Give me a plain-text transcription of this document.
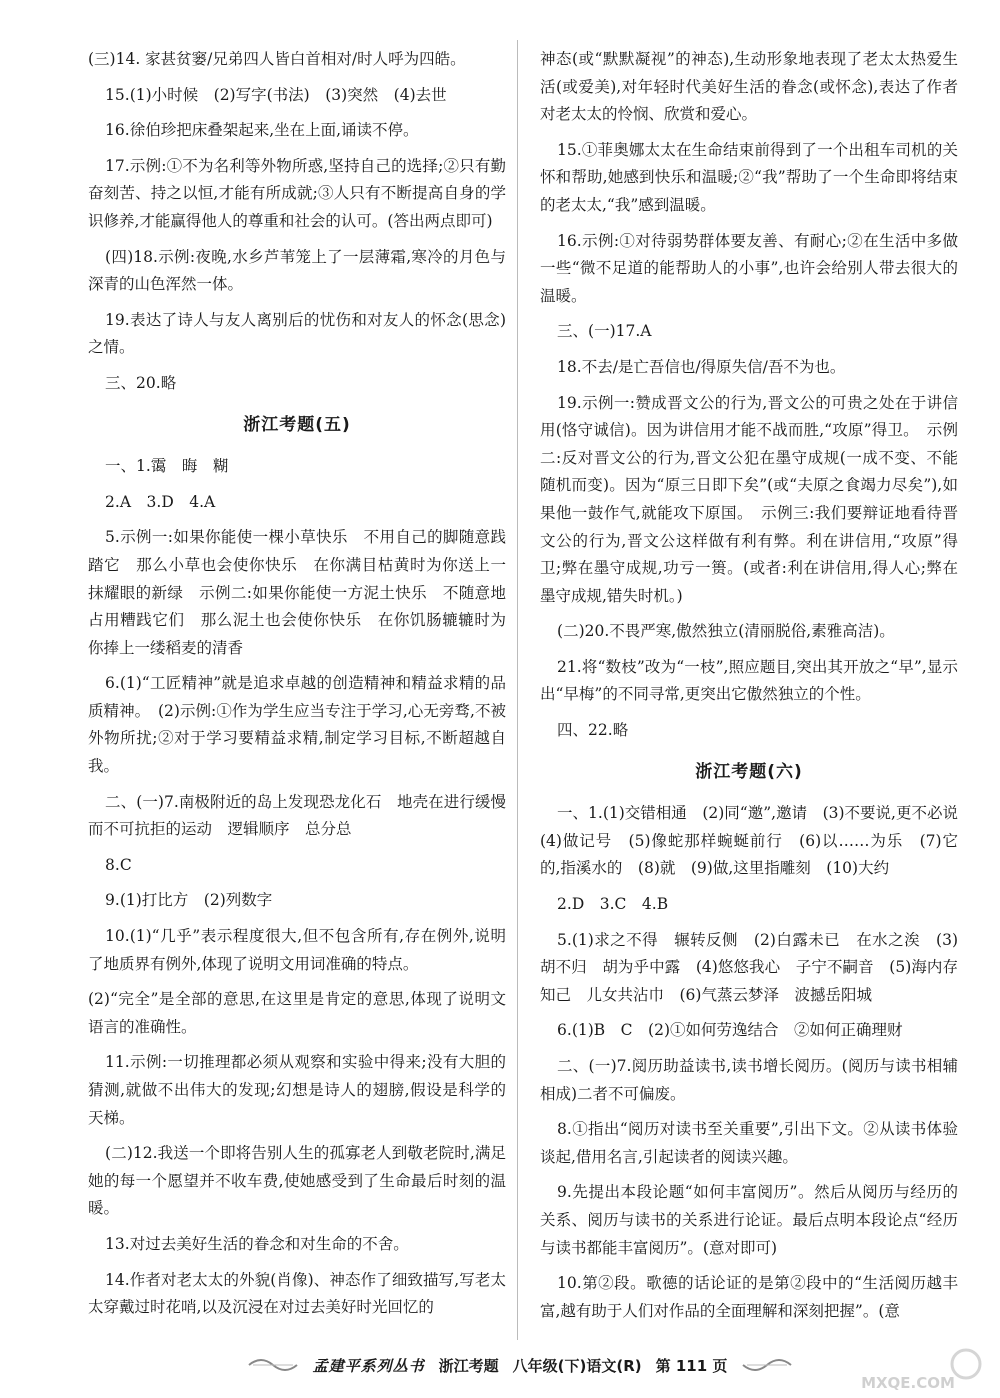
(三)14. 家甚贫窭/兄弟四人皆白首相对/时人呼为四皓。

15.(1)小时候　(2)写字(书法)　(3)突然　(4)去世

16.徐伯珍把床叠架起来,坐在上面,诵读不停。

17.示例:①不为名利等外物所惑,坚持自己的选择;②只有勤奋刻苦、持之以恒,才能有所成就;③人只有不断提高自身的学识修养,才能赢得他人的尊重和社会的认可。(答出两点即可)

(四)18.示例:夜晚,水乡芦苇笼上了一层薄霜,寒冷的月色与深青的山色浑然一体。

19.表达了诗人与友人离别后的忧伤和对友人的怀念(思念)之情。

三、20.略

浙江考题(五)

一、1.霭　晦　糊

2.A　3.D　4.A

5.示例一:如果你能使一棵小草快乐　不用自己的脚随意践踏它　那么小草也会使你快乐　在你满目枯黄时为你送上一抹耀眼的新绿　示例二:如果你能使一方泥土快乐　不随意地占用糟践它们　那么泥土也会使你快乐　在你饥肠辘辘时为你捧上一缕稻麦的清香

6.(1)“工匠精神”就是追求卓越的创造精神和精益求精的品质精神。　(2)示例:①作为学生应当专注于学习,心无旁骛,不被外物所扰;②对于学习要精益求精,制定学习目标,不断超越自我。

二、(一)7.南极附近的岛上发现恐龙化石　地壳在进行缓慢而不可抗拒的运动　逻辑顺序　总分总

8.C

9.(1)打比方　(2)列数字

10.(1)“几乎”表示程度很大,但不包含所有,存在例外,说明了地质界有例外,体现了说明文用词准确的特点。

(2)“完全”是全部的意思,在这里是肯定的意思,体现了说明文语言的准确性。

11.示例:一切推理都必须从观察和实验中得来;没有大胆的猜测,就做不出伟大的发现;幻想是诗人的翅膀,假设是科学的天梯。

(二)12.我送一个即将告别人生的孤寡老人到敬老院时,满足她的每一个愿望并不收车费,使她感受到了生命最后时刻的温暖。

13.对过去美好生活的眷念和对生命的不舍。

14.作者对老太太的外貌(肖像)、神态作了细致描写,写老太太穿戴过时花哨,以及沉浸在对过去美好时光回忆的

神态(或“默默凝视”的神态),生动形象地表现了老太太热爱生活(或爱美),对年轻时代美好生活的眷念(或怀念),表达了作者对老太太的怜悯、欣赏和爱心。

15.①菲奥娜太太在生命结束前得到了一个出租车司机的关怀和帮助,她感到快乐和温暖;②“我”帮助了一个生命即将结束的老太太,“我”感到温暖。

16.示例:①对待弱势群体要友善、有耐心;②在生活中多做一些“微不足道的能帮助人的小事”,也许会给别人带去很大的温暖。

三、(一)17.A

18.不去/是亡吾信也/得原失信/吾不为也。

19.示例一:赞成晋文公的行为,晋文公的可贵之处在于讲信用(恪守诚信)。因为讲信用才能不战而胜,“攻原”得卫。　示例二:反对晋文公的行为,晋文公犯在墨守成规(一成不变、不能随机而变)。因为“原三日即下矣”(或“夫原之食竭力尽矣”),如果他一鼓作气,就能攻下原国。　示例三:我们要辩证地看待晋文公的行为,晋文公这样做有利有弊。利在讲信用,“攻原”得卫;弊在墨守成规,功亏一篑。(或者:利在讲信用,得人心;弊在墨守成规,错失时机。)

(二)20.不畏严寒,傲然独立(清丽脱俗,素雅高洁)。

21.将“数枝”改为“一枝”,照应题目,突出其开放之“早”,显示出“早梅”的不同寻常,更突出它傲然独立的个性。

四、22.略

浙江考题(六)

一、1.(1)交错相通　(2)同“邀”,邀请　(3)不要说,更不必说　(4)做记号　(5)像蛇那样蜿蜒前行　(6)以……为乐　(7)它的,指溪水的　(8)就　(9)做,这里指雕刻　(10)大约

2.D　3.C　4.B

5.(1)求之不得　辗转反侧　(2)白露未已　在水之涘　(3)胡不归　胡为乎中露　(4)悠悠我心　子宁不嗣音　(5)海内存知己　儿女共沾巾　(6)气蒸云梦泽　波撼岳阳城

6.(1)B　C　(2)①如何劳逸结合　②如何正确理财

二、(一)7.阅历助益读书,读书增长阅历。(阅历与读书相辅相成)二者不可偏废。

8.①指出“阅历对读书至关重要”,引出下文。②从读书体验谈起,借用名言,引起读者的阅读兴趣。

9.先提出本段论题“如何丰富阅历”。然后从阅历与经历的关系、阅历与读书的关系进行论证。最后点明本段论点“经历与读书都能丰富阅历”。(意对即可)

10.第②段。歌德的话论证的是第②段中的“生活阅历越丰富,越有助于人们对作品的全面理解和深刻把握”。(意

孟建平系列丛书 浙江考题 八年级(下)语文(R) 第 111 页
MXQE.COM
